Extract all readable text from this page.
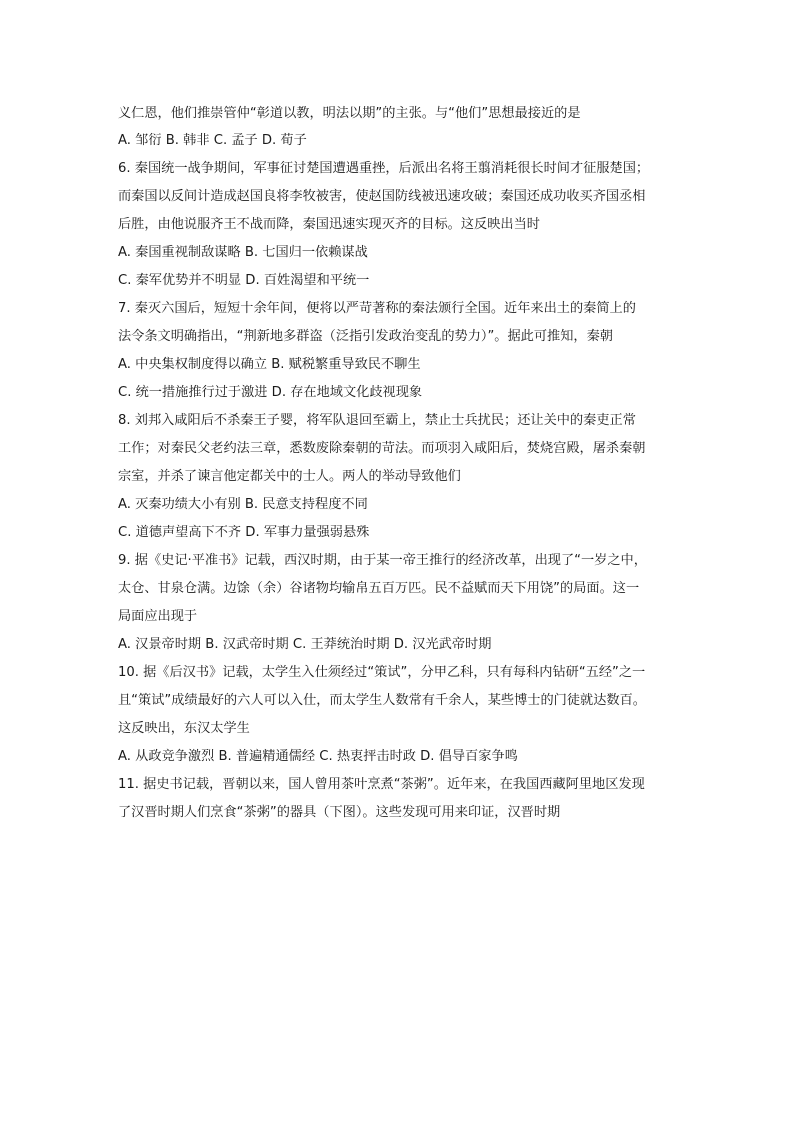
义仁恩，他们推崇管仲“彰道以教，明法以期”的主张。与“他们”思想最接近的是
A. 邹衍 B. 韩非 C. 孟子 D. 荀子
6. 秦国统一战争期间，军事征讨楚国遭遇重挫，后派出名将王翦消耗很长时间才征服楚国；
而秦国以反间计造成赵国良将李牧被害，使赵国防线被迅速攻破；秦国还成功收买齐国丞相
后胜，由他说服齐王不战而降，秦国迅速实现灭齐的目标。这反映出当时
A. 秦国重视制敌谋略 B. 七国归一依赖谋战
C. 秦军优势并不明显 D. 百姓渴望和平统一
7. 秦灭六国后，短短十余年间，便将以严苛著称的秦法颁行全国。近年来出土的秦简上的
法令条文明确指出，“荆新地多群盗（泛指引发政治变乱的势力）”。据此可推知，秦朝
A. 中央集权制度得以确立 B. 赋税繁重导致民不聊生
C. 统一措施推行过于激进 D. 存在地域文化歧视现象
8. 刘邦入咸阳后不杀秦王子婴，将军队退回至霸上，禁止士兵扰民；还让关中的秦吏正常
工作；对秦民父老约法三章，悉数废除秦朝的苛法。而项羽入咸阳后，焚烧宫殿，屠杀秦朝
宗室，并杀了谏言他定都关中的士人。两人的举动导致他们
A. 灭秦功绩大小有别 B. 民意支持程度不同
C. 道德声望高下不齐 D. 军事力量强弱悬殊
9. 据《史记·平准书》记载，西汉时期，由于某一帝王推行的经济改革，出现了“一岁之中，
太仓、甘泉仓满。边馀（余）谷诸物均输帛五百万匹。民不益赋而天下用饶”的局面。这一
局面应出现于
A. 汉景帝时期 B. 汉武帝时期 C. 王莽统治时期 D. 汉光武帝时期
10. 据《后汉书》记载，太学生入仕须经过“策试”，分甲乙科，只有每科内钻研“五经”之一
且“策试”成绩最好的六人可以入仕，而太学生人数常有千余人，某些博士的门徒就达数百。
这反映出，东汉太学生
A. 从政竞争激烈 B. 普遍精通儒经 C. 热衷抨击时政 D. 倡导百家争鸣
11. 据史书记载，晋朝以来，国人曾用茶叶烹煮“茶粥”。近年来，在我国西藏阿里地区发现
了汉晋时期人们烹食“茶粥”的器具（下图）。这些发现可用来印证，汉晋时期
